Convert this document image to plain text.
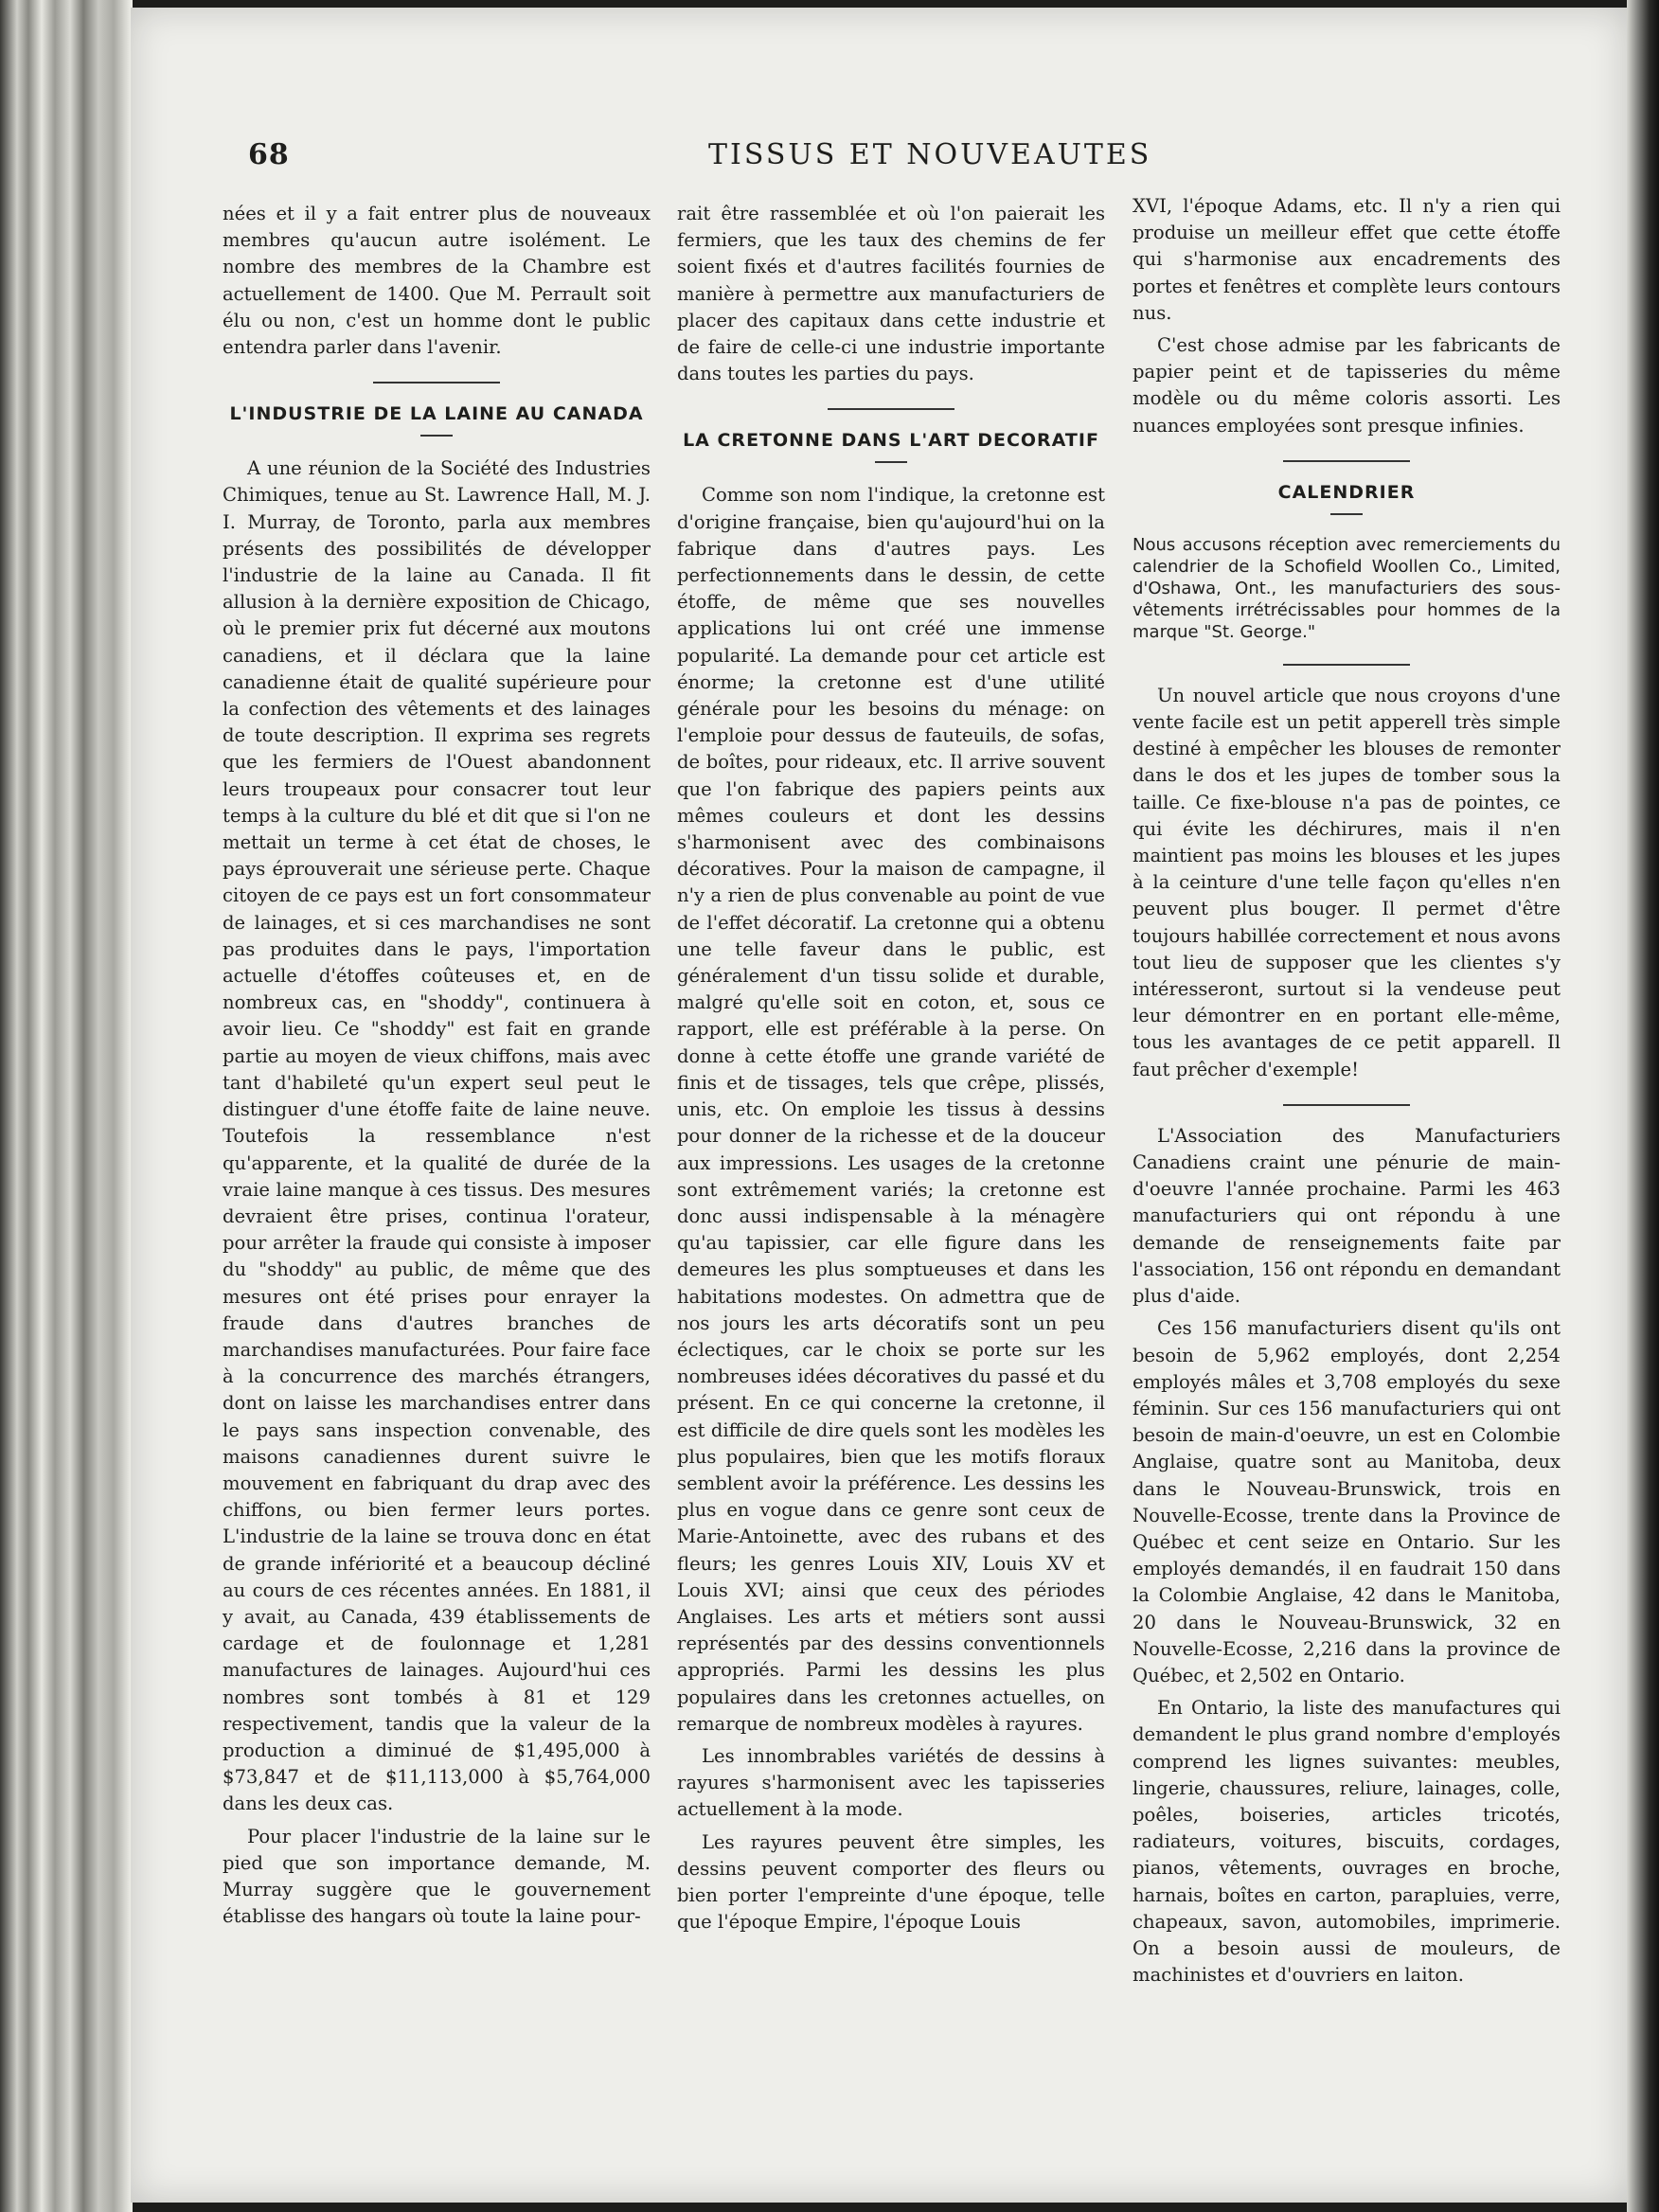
68	TISSUS ET NOUVEAUTES

nées et il y a fait entrer plus de nouveaux membres qu'aucun autre isolément. Le nombre des membres de la Chambre est actuellement de 1400. Que M. Perrault soit élu ou non, c'est un homme dont le public entendra parler dans l'avenir.

L'INDUSTRIE DE LA LAINE AU CANADA

A une réunion de la Société des Industries Chimiques, tenue au St. Lawrence Hall, M. J. I. Murray, de Toronto, parla aux membres présents des possibilités de développer l'industrie de la laine au Canada. Il fit allusion à la dernière exposition de Chicago, où le premier prix fut décerné aux moutons canadiens, et il déclara que la laine canadienne était de qualité supérieure pour la confection des vêtements et des lainages de toute description. Il exprima ses regrets que les fermiers de l'Ouest abandonnent leurs troupeaux pour consacrer tout leur temps à la culture du blé et dit que si l'on ne mettait un terme à cet état de choses, le pays éprouverait une sérieuse perte. Chaque citoyen de ce pays est un fort consommateur de lainages, et si ces marchandises ne sont pas produites dans le pays, l'importation actuelle d'étoffes coûteuses et, en de nombreux cas, en "shoddy", continuera à avoir lieu. Ce "shoddy" est fait en grande partie au moyen de vieux chiffons, mais avec tant d'habileté qu'un expert seul peut le distinguer d'une étoffe faite de laine neuve. Toutefois la ressemblance n'est qu'apparente, et la qualité de durée de la vraie laine manque à ces tissus. Des mesures devraient être prises, continua l'orateur, pour arrêter la fraude qui consiste à imposer du "shoddy" au public, de même que des mesures ont été prises pour enrayer la fraude dans d'autres branches de marchandises manufacturées. Pour faire face à la concurrence des marchés étrangers, dont on laisse les marchandises entrer dans le pays sans inspection convenable, des maisons canadiennes durent suivre le mouvement en fabriquant du drap avec des chiffons, ou bien fermer leurs portes. L'industrie de la laine se trouva donc en état de grande infériorité et a beaucoup décliné au cours de ces récentes années. En 1881, il y avait, au Canada, 439 établissements de cardage et de foulonnage et 1,281 manufactures de lainages. Aujourd'hui ces nombres sont tombés à 81 et 129 respectivement, tandis que la valeur de la production a diminué de $1,495,000 à $73,847 et de $11,113,000 à $5,764,000 dans les deux cas.

Pour placer l'industrie de la laine sur le pied que son importance demande, M. Murray suggère que le gouvernement établisse des hangars où toute la laine pour-

rait être rassemblée et où l'on paierait les fermiers, que les taux des chemins de fer soient fixés et d'autres facilités fournies de manière à permettre aux manufacturiers de placer des capitaux dans cette industrie et de faire de celle-ci une industrie importante dans toutes les parties du pays.

LA CRETONNE DANS L'ART DECORATIF

Comme son nom l'indique, la cretonne est d'origine française, bien qu'aujourd'hui on la fabrique dans d'autres pays. Les perfectionnements dans le dessin, de cette étoffe, de même que ses nouvelles applications lui ont créé une immense popularité. La demande pour cet article est énorme; la cretonne est d'une utilité générale pour les besoins du ménage: on l'emploie pour dessus de fauteuils, de sofas, de boîtes, pour rideaux, etc. Il arrive souvent que l'on fabrique des papiers peints aux mêmes couleurs et dont les dessins s'harmonisent avec des combinaisons décoratives. Pour la maison de campagne, il n'y a rien de plus convenable au point de vue de l'effet décoratif. La cretonne qui a obtenu une telle faveur dans le public, est généralement d'un tissu solide et durable, malgré qu'elle soit en coton, et, sous ce rapport, elle est préférable à la perse. On donne à cette étoffe une grande variété de finis et de tissages, tels que crêpe, plissés, unis, etc. On emploie les tissus à dessins pour donner de la richesse et de la douceur aux impressions. Les usages de la cretonne sont extrêmement variés; la cretonne est donc aussi indispensable à la ménagère qu'au tapissier, car elle figure dans les demeures les plus somptueuses et dans les habitations modestes. On admettra que de nos jours les arts décoratifs sont un peu éclectiques, car le choix se porte sur les nombreuses idées décoratives du passé et du présent. En ce qui concerne la cretonne, il est difficile de dire quels sont les modèles les plus populaires, bien que les motifs floraux semblent avoir la préférence. Les dessins les plus en vogue dans ce genre sont ceux de Marie-Antoinette, avec des rubans et des fleurs; les genres Louis XIV, Louis XV et Louis XVI; ainsi que ceux des périodes Anglaises. Les arts et métiers sont aussi représentés par des dessins conventionnels appropriés. Parmi les dessins les plus populaires dans les cretonnes actuelles, on remarque de nombreux modèles à rayures.

Les innombrables variétés de dessins à rayures s'harmonisent avec les tapisseries actuellement à la mode.

Les rayures peuvent être simples, les dessins peuvent comporter des fleurs ou bien porter l'empreinte d'une époque, telle que l'époque Empire, l'époque Louis

XVI, l'époque Adams, etc. Il n'y a rien qui produise un meilleur effet que cette étoffe qui s'harmonise aux encadrements des portes et fenêtres et complète leurs contours nus.

C'est chose admise par les fabricants de papier peint et de tapisseries du même modèle ou du même coloris assorti. Les nuances employées sont presque infinies.

CALENDRIER

Nous accusons réception avec remerciements du calendrier de la Schofield Woollen Co., Limited, d'Oshawa, Ont., les manufacturiers des sous-vêtements irrétrécissables pour hommes de la marque "St. George."

Un nouvel article que nous croyons d'une vente facile est un petit apperell très simple destiné à empêcher les blouses de remonter dans le dos et les jupes de tomber sous la taille. Ce fixe-blouse n'a pas de pointes, ce qui évite les déchirures, mais il n'en maintient pas moins les blouses et les jupes à la ceinture d'une telle façon qu'elles n'en peuvent plus bouger. Il permet d'être toujours habillée correctement et nous avons tout lieu de supposer que les clientes s'y intéresseront, surtout si la vendeuse peut leur démontrer en en portant elle-même, tous les avantages de ce petit apparell. Il faut prêcher d'exemple!

L'Association des Manufacturiers Canadiens craint une pénurie de main-d'oeuvre l'année prochaine. Parmi les 463 manufacturiers qui ont répondu à une demande de renseignements faite par l'association, 156 ont répondu en demandant plus d'aide.

Ces 156 manufacturiers disent qu'ils ont besoin de 5,962 employés, dont 2,254 employés mâles et 3,708 employés du sexe féminin. Sur ces 156 manufacturiers qui ont besoin de main-d'oeuvre, un est en Colombie Anglaise, quatre sont au Manitoba, deux dans le Nouveau-Brunswick, trois en Nouvelle-Ecosse, trente dans la Province de Québec et cent seize en Ontario. Sur les employés demandés, il en faudrait 150 dans la Colombie Anglaise, 42 dans le Manitoba, 20 dans le Nouveau-Brunswick, 32 en Nouvelle-Ecosse, 2,216 dans la province de Québec, et 2,502 en Ontario.

En Ontario, la liste des manufactures qui demandent le plus grand nombre d'employés comprend les lignes suivantes: meubles, lingerie, chaussures, reliure, lainages, colle, poêles, boiseries, articles tricotés, radiateurs, voitures, biscuits, cordages, pianos, vêtements, ouvrages en broche, harnais, boîtes en carton, parapluies, verre, chapeaux, savon, automobiles, imprimerie. On a besoin aussi de mouleurs, de machinistes et d'ouvriers en laiton.
